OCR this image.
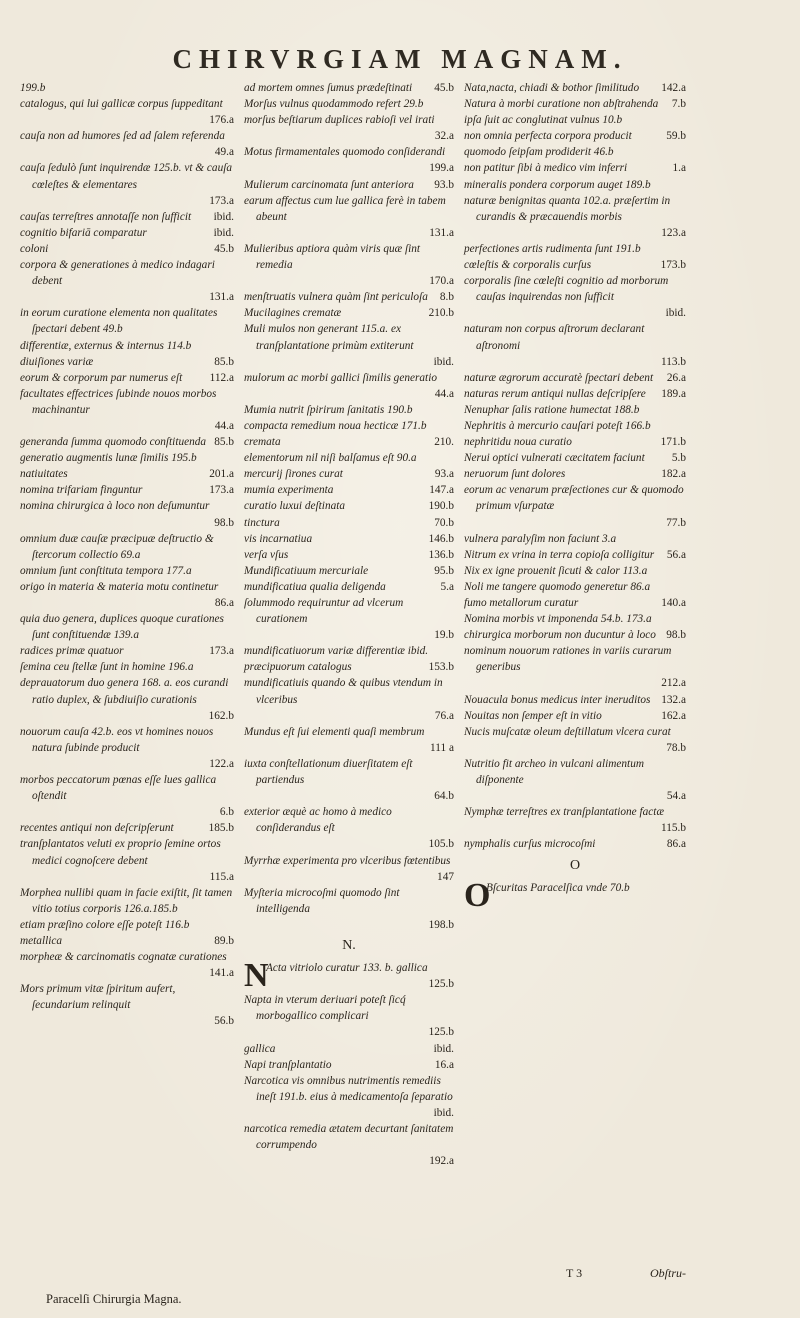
CHIRVRGIAM MAGNAM.
199.b
catalogus, qui lui gallicæ corpus ſuppeditant
176.a
cauſa non ad humores ſed ad ſalem referenda
49.a
cauſa ſedulò ſunt inquirendæ 125.b. vt & cauſa cœleſtes & elementares
173.a
cauſas terreſtres annotaſſe non ſufficit	ibid.
cognitio bifariā comparatur	ibid.
coloni	45.b
corpora & generationes à medico indagari debent
131.a
in eorum curatione elementa non qualitates ſpectari debent 49.b
differentiæ, externus & internus 114.b
diuiſiones variæ	85.b
eorum & corporum par numerus eſt	112.a
facultates effectrices ſubinde nouos morbos machinantur
44.a
generanda ſumma quomodo conſtituenda 85.b
generatio augmentis lunæ ſimilis 195.b
natiuitates	201.a
nomina trifariam finguntur	173.a
nomina chirurgica à loco non deſumuntur
98.b
omnium duæ cauſæ præcipuæ deſtructio & ſtercorum collectio 69.a
omnium ſunt conſtituta tempora 177.a
origo in materia & materia motu continetur
86.a
quia duo genera, duplices quoque curationes ſunt conſtituendæ 139.a
radices primæ quatuor	173.a
ſemina ceu ſtellæ ſunt in homine 196.a
deprauatorum duo genera 168. a. eos curandi ratio duplex, & ſubdiuiſio curationis
162.b
nouorum cauſa 42.b. eos vt homines nouos natura ſubinde producit
122.a
morbos peccatorum pœnas eſſe lues gallica oſtendit
6.b
recentes antiqui non deſcripſerunt	185.b
tranſplantatos veluti ex proprio ſemine ortos medici cognoſcere debent
115.a
Morphea nullibi quam in facie exiſtit, ſit tamen vitio totius corporis 126.a.185.b
etiam præſino colore eſſe poteſt 116.b
metallica	89.b
morpheæ & carcinomatis cognatæ curationes
141.a
Mors primum vitæ ſpiritum aufert, ſecundarium relinquit
56.b
ad mortem omnes ſumus prædeſtinati	45.b
Morſus vulnus quodammodo refert 29.b
morſus beſtiarum duplices rabioſi vel irati
32.a
Motus firmamentales quomodo conſiderandi
199.a
Mulierum carcinomata ſunt anteriora	93.b
earum affectus cum lue gallica ferè in tabem abeunt
131.a
Mulieribus aptiora quàm viris quæ ſint remedia
170.a
menſtruatis vulnera quàm ſint periculoſa	8.b
Mucilagines crematæ	210.b
Muli mulos non generant 115.a. ex tranſplantatione primùm extiterunt
ibid.
mulorum ac morbi gallici ſimilis generatio
44.a
Mumia nutrit ſpirirum ſanitatis 190.b
compacta remedium noua hecticæ 171.b
cremata	210.
elementorum nil niſi balſamus eſt 90.a
mercurij ſirones curat	93.a
mumia experimenta	147.a
curatio luxui deſtinata	190.b
tinctura	70.b
vis incarnatiua	146.b
verſa vſus	136.b
Mundificatiuum mercuriale	95.b
mundificatiua qualia deligenda	5.a
ſolummodo requiruntur ad vlcerum curationem
19.b
mundificatiuorum variæ differentiæ ibid.
præcipuorum catalogus	153.b
mundificatiuis quando & quibus vtendum in vlceribus
76.a
Mundus eſt ſui elementi quaſi membrum
111 a
iuxta conſtellationum diuerſitatem eſt partiendus
64.b
exterior æquè ac homo à medico conſiderandus eſt
105.b
Myrrhæ experimenta pro vlceribus fœtentibus
147
Myſteria microcoſmi quomodo ſint intelligenda
198.b
N.
N
Acta vitriolo curatur 133. b. gallica
125.b
Napta in vterum deriuari poteſt ſicq́ morbogallico complicari
125.b
gallica	ibid.
Napi tranſplantatio	16.a
Narcotica vis omnibus nutrimentis remediis ineſt 191.b. eius à medicamentoſa ſeparatio
ibid.
narcotica remedia ætatem decurtant ſanitatem corrumpendo
192.a
Nata,nacta, chiadi & bothor ſimilitudo	142.a
Natura à morbi curatione non abſtrahenda	7.b
ipſa ſuit ac conglutinat vulnus 10.b
non omnia perfecta corpora producit	59.b
quomodo ſeipſam prodiderit 46.b
non patitur ſibi à medico vim inferri	1.a
mineralis pondera corporum auget 189.b
naturæ benignitas quanta 102.a. præſertim in curandis & præcauendis morbis
123.a
perfectiones artis rudimenta ſunt 191.b
cœleſtis & corporalis curſus	173.b
corporalis ſine cœleſti cognitio ad morborum cauſas inquirendas non ſufficit
ibid.
naturam non corpus aſtrorum declarant aſtronomi
113.b
naturæ ægrorum accuratè ſpectari debent	26.a
naturas rerum antiqui nullas deſcripſere	189.a
Nenuphar ſalis ratione humectat 188.b
Nephritis à mercurio cauſari poteſt 166.b
nephritidu noua curatio	171.b
Nerui optici vulnerati cæcitatem faciunt	5.b
neruorum ſunt dolores	182.a
eorum ac venarum præſectiones cur & quomodo primum vſurpatæ
77.b
vulnera paralyſim non faciunt 3.a
Nitrum ex vrina in terra copioſa colligitur	56.a
Nix ex igne prouenit ſicuti & calor 113.a
Noli me tangere quomodo generetur 86.a
fumo metallorum curatur	140.a
Nomina morbis vt imponenda 54.b. 173.a
chirurgica morborum non ducuntur à loco 98.b
nominum nouorum rationes in variis curarum generibus
212.a
Nouacula bonus medicus inter ineruditos 132.a
Nouitas non ſemper eſt in vitio	162.a
Nucis muſcatæ oleum deſtillatum vlcera curat
78.b
Nutritio fit archeo in vulcani alimentum diſponente
54.a
Nymphæ terreſtres ex tranſplantatione factæ
115.b
nymphalis curſus microcoſmi	86.a
O
O
Bſcuritas Paracelſica vnde 70.b
Paracelſi Chirurgia Magna.
T 3	Obſtru-
